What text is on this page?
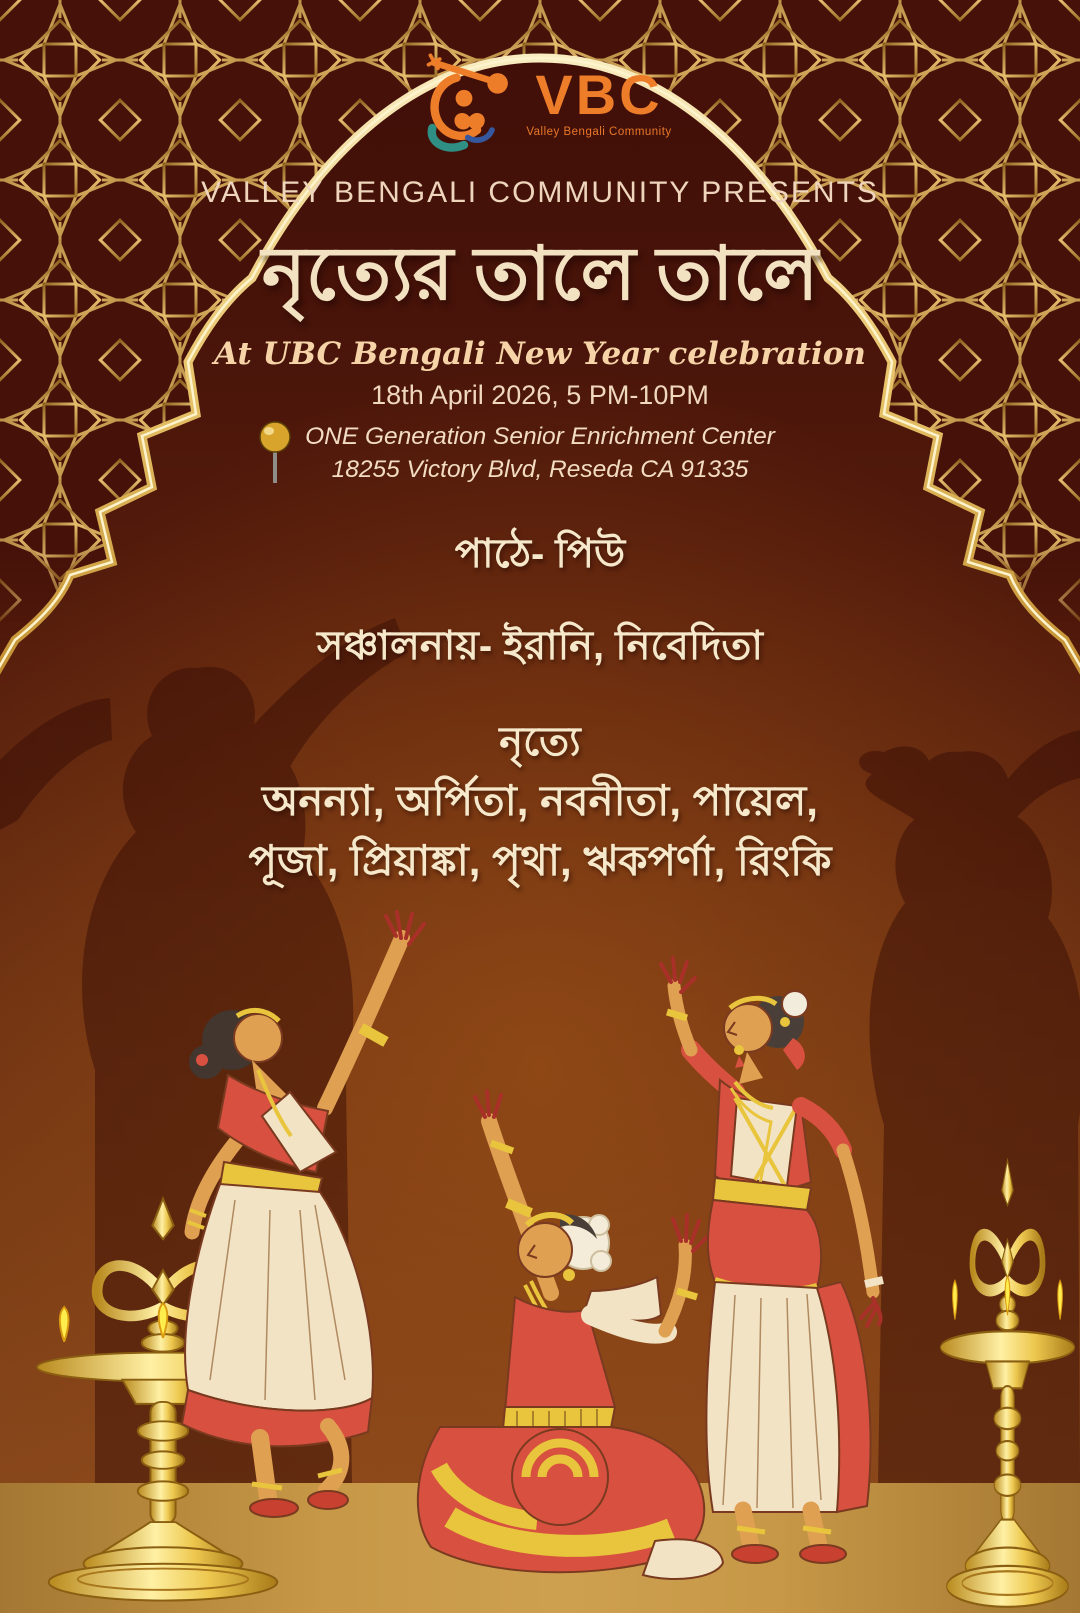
VBC
Valley Bengali Community
VALLEY BENGALI COMMUNITY PRESENTS
নৃত্যের তালে তালে
At UBC Bengali New Year celebration
18th April 2026, 5 PM-10PM
ONE Generation Senior Enrichment Center
18255 Victory Blvd, Reseda CA 91335
পাঠে- পিউ
সঞ্চালনায়- ইরানি, নিবেদিতা
নৃত্যে
অনন্যা, অর্পিতা, নবনীতা, পায়েল,
পূজা, প্রিয়াঙ্কা, পৃথা, ঋকপর্ণা, রিংকি
